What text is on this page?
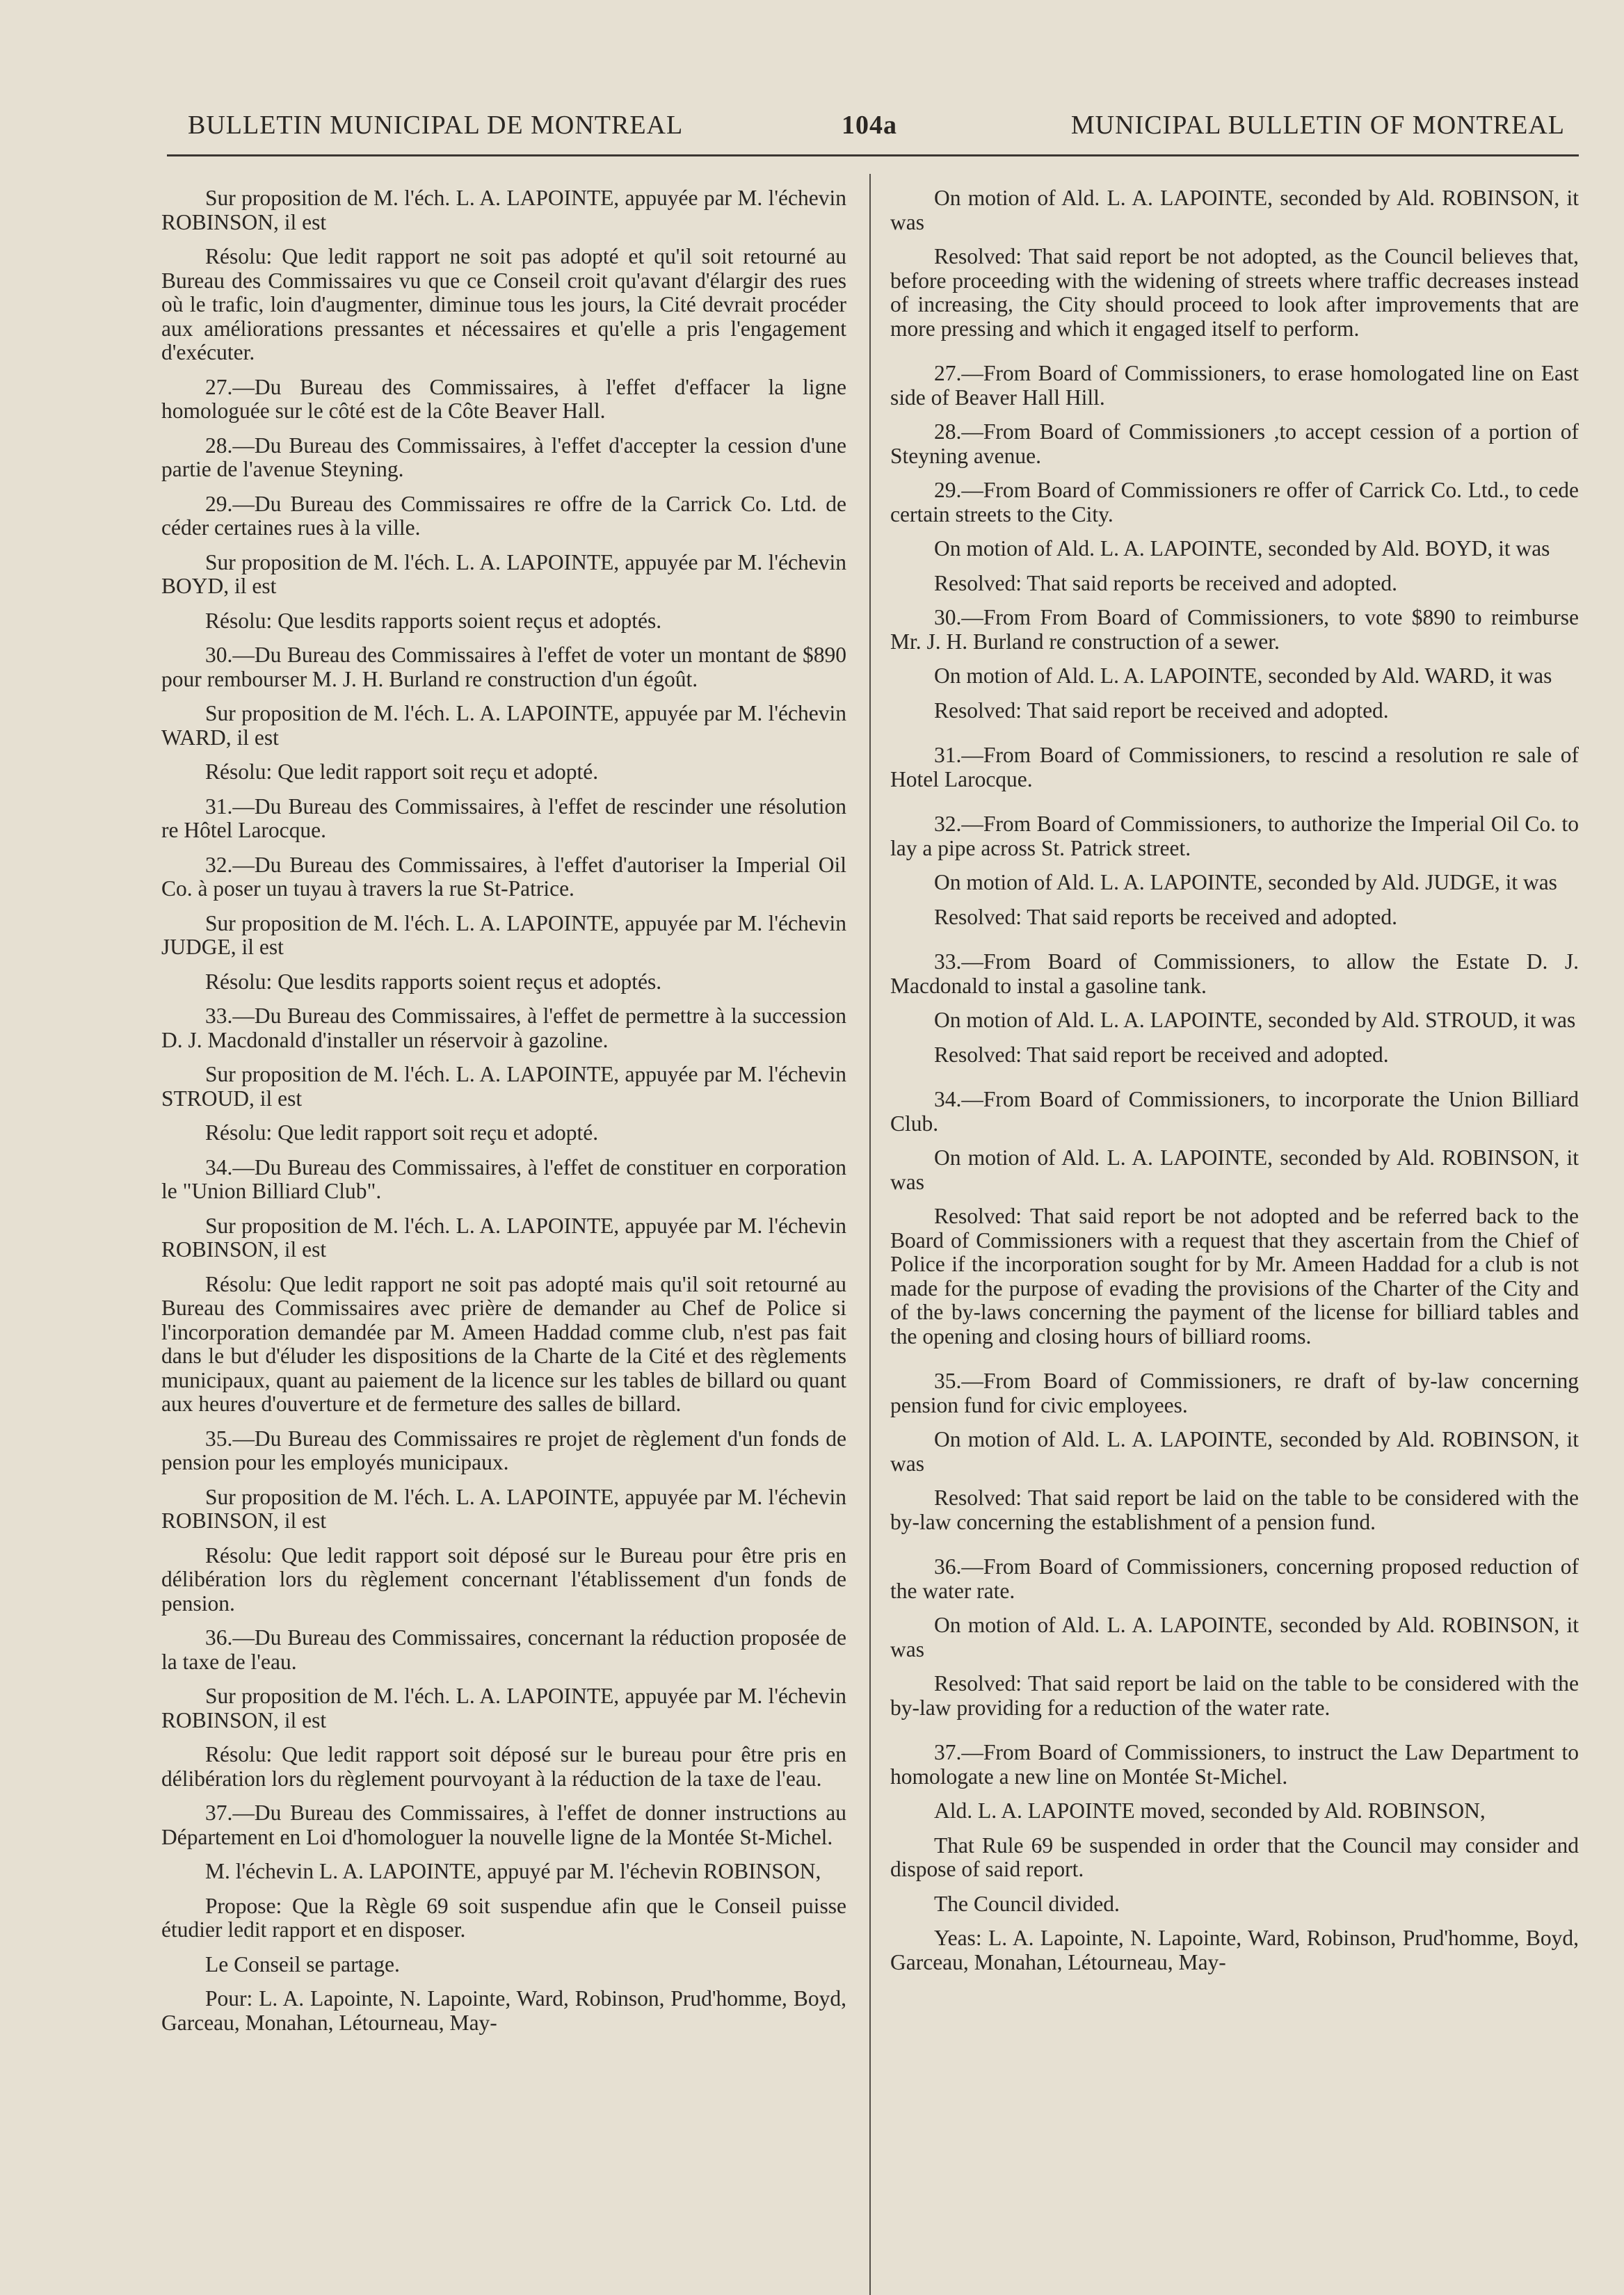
BULLETIN MUNICIPAL DE MONTREAL	104a	MUNICIPAL BULLETIN OF MONTREAL

Sur proposition de M. l'éch. L. A. LAPOINTE, appuyée par M. l'échevin ROBINSON, il est

Résolu: Que ledit rapport ne soit pas adopté et qu'il soit retourné au Bureau des Commissaires vu que ce Conseil croit qu'avant d'élargir des rues où le trafic, loin d'augmenter, diminue tous les jours, la Cité devrait procéder aux améliorations pressantes et nécessaires et qu'elle a pris l'engagement d'exécuter.

27.—Du Bureau des Commissaires, à l'effet d'effacer la ligne homologuée sur le côté est de la Côte Beaver Hall.

28.—Du Bureau des Commissaires, à l'effet d'accepter la cession d'une partie de l'avenue Steyning.

29.—Du Bureau des Commissaires re offre de la Carrick Co. Ltd. de céder certaines rues à la ville.

Sur proposition de M. l'éch. L. A. LAPOINTE, appuyée par M. l'échevin BOYD, il est

Résolu: Que lesdits rapports soient reçus et adoptés.

30.—Du Bureau des Commissaires à l'effet de voter un montant de $890 pour rembourser M. J. H. Burland re construction d'un égoût.

Sur proposition de M. l'éch. L. A. LAPOINTE, appuyée par M. l'échevin WARD, il est

Résolu: Que ledit rapport soit reçu et adopté.

31.—Du Bureau des Commissaires, à l'effet de rescinder une résolution re Hôtel Larocque.

32.—Du Bureau des Commissaires, à l'effet d'autoriser la Imperial Oil Co. à poser un tuyau à travers la rue St-Patrice.

Sur proposition de M. l'éch. L. A. LAPOINTE, appuyée par M. l'échevin JUDGE, il est

Résolu: Que lesdits rapports soient reçus et adoptés.

33.—Du Bureau des Commissaires, à l'effet de permettre à la succession D. J. Macdonald d'installer un réservoir à gazoline.

Sur proposition de M. l'éch. L. A. LAPOINTE, appuyée par M. l'échevin STROUD, il est

Résolu: Que ledit rapport soit reçu et adopté.

34.—Du Bureau des Commissaires, à l'effet de constituer en corporation le "Union Billiard Club".

Sur proposition de M. l'éch. L. A. LAPOINTE, appuyée par M. l'échevin ROBINSON, il est

Résolu: Que ledit rapport ne soit pas adopté mais qu'il soit retourné au Bureau des Commissaires avec prière de demander au Chef de Police si l'incorporation demandée par M. Ameen Haddad comme club, n'est pas fait dans le but d'éluder les dispositions de la Charte de la Cité et des règlements municipaux, quant au paiement de la licence sur les tables de billard ou quant aux heures d'ouverture et de fermeture des salles de billard.

35.—Du Bureau des Commissaires re projet de règlement d'un fonds de pension pour les employés municipaux.

Sur proposition de M. l'éch. L. A. LAPOINTE, appuyée par M. l'échevin ROBINSON, il est

Résolu: Que ledit rapport soit déposé sur le Bureau pour être pris en délibération lors du règlement concernant l'établissement d'un fonds de pension.

36.—Du Bureau des Commissaires, concernant la réduction proposée de la taxe de l'eau.

Sur proposition de M. l'éch. L. A. LAPOINTE, appuyée par M. l'échevin ROBINSON, il est

Résolu: Que ledit rapport soit déposé sur le bureau pour être pris en délibération lors du règlement pourvoyant à la réduction de la taxe de l'eau.

37.—Du Bureau des Commissaires, à l'effet de donner instructions au Département en Loi d'homologuer la nouvelle ligne de la Montée St-Michel.

M. l'échevin L. A. LAPOINTE, appuyé par M. l'échevin ROBINSON,

Propose: Que la Règle 69 soit suspendue afin que le Conseil puisse étudier ledit rapport et en disposer.

Le Conseil se partage.

Pour: L. A. Lapointe, N. Lapointe, Ward, Robinson, Prud'homme, Boyd, Garceau, Monahan, Létourneau, May-

On motion of Ald. L. A. LAPOINTE, seconded by Ald. ROBINSON, it was

Resolved: That said report be not adopted, as the Council believes that, before proceeding with the widening of streets where traffic decreases instead of increasing, the City should proceed to look after improvements that are more pressing and which it engaged itself to perform.

27.—From Board of Commissioners, to erase homologated line on East side of Beaver Hall Hill.

28.—From Board of Commissioners ,to accept cession of a portion of Steyning avenue.

29.—From Board of Commissioners re offer of Carrick Co. Ltd., to cede certain streets to the City.

On motion of Ald. L. A. LAPOINTE, seconded by Ald. BOYD, it was

Resolved: That said reports be received and adopted.

30.—From From Board of Commissioners, to vote $890 to reimburse Mr. J. H. Burland re construction of a sewer.

On motion of Ald. L. A. LAPOINTE, seconded by Ald. WARD, it was

Resolved: That said report be received and adopted.

31.—From Board of Commissioners, to rescind a resolution re sale of Hotel Larocque.

32.—From Board of Commissioners, to authorize the Imperial Oil Co. to lay a pipe across St. Patrick street.

On motion of Ald. L. A. LAPOINTE, seconded by Ald. JUDGE, it was

Resolved: That said reports be received and adopted.

33.—From Board of Commissioners, to allow the Estate D. J. Macdonald to instal a gasoline tank.

On motion of Ald. L. A. LAPOINTE, seconded by Ald. STROUD, it was

Resolved: That said report be received and adopted.

34.—From Board of Commissioners, to incorporate the Union Billiard Club.

On motion of Ald. L. A. LAPOINTE, seconded by Ald. ROBINSON, it was

Resolved: That said report be not adopted and be referred back to the Board of Commissioners with a request that they ascertain from the Chief of Police if the incorporation sought for by Mr. Ameen Haddad for a club is not made for the purpose of evading the provisions of the Charter of the City and of the by-laws concerning the payment of the license for billiard tables and the opening and closing hours of billiard rooms.

35.—From Board of Commissioners, re draft of by-law concerning pension fund for civic employees.

On motion of Ald. L. A. LAPOINTE, seconded by Ald. ROBINSON, it was

Resolved: That said report be laid on the table to be considered with the by-law concerning the establishment of a pension fund.

36.—From Board of Commissioners, concerning proposed reduction of the water rate.

On motion of Ald. L. A. LAPOINTE, seconded by Ald. ROBINSON, it was

Resolved: That said report be laid on the table to be considered with the by-law providing for a reduction of the water rate.

37.—From Board of Commissioners, to instruct the Law Department to homologate a new line on Montée St-Michel.

Ald. L. A. LAPOINTE moved, seconded by Ald. ROBINSON,

That Rule 69 be suspended in order that the Council may consider and dispose of said report.

The Council divided.

Yeas: L. A. Lapointe, N. Lapointe, Ward, Robinson, Prud'homme, Boyd, Garceau, Monahan, Létourneau, May-
